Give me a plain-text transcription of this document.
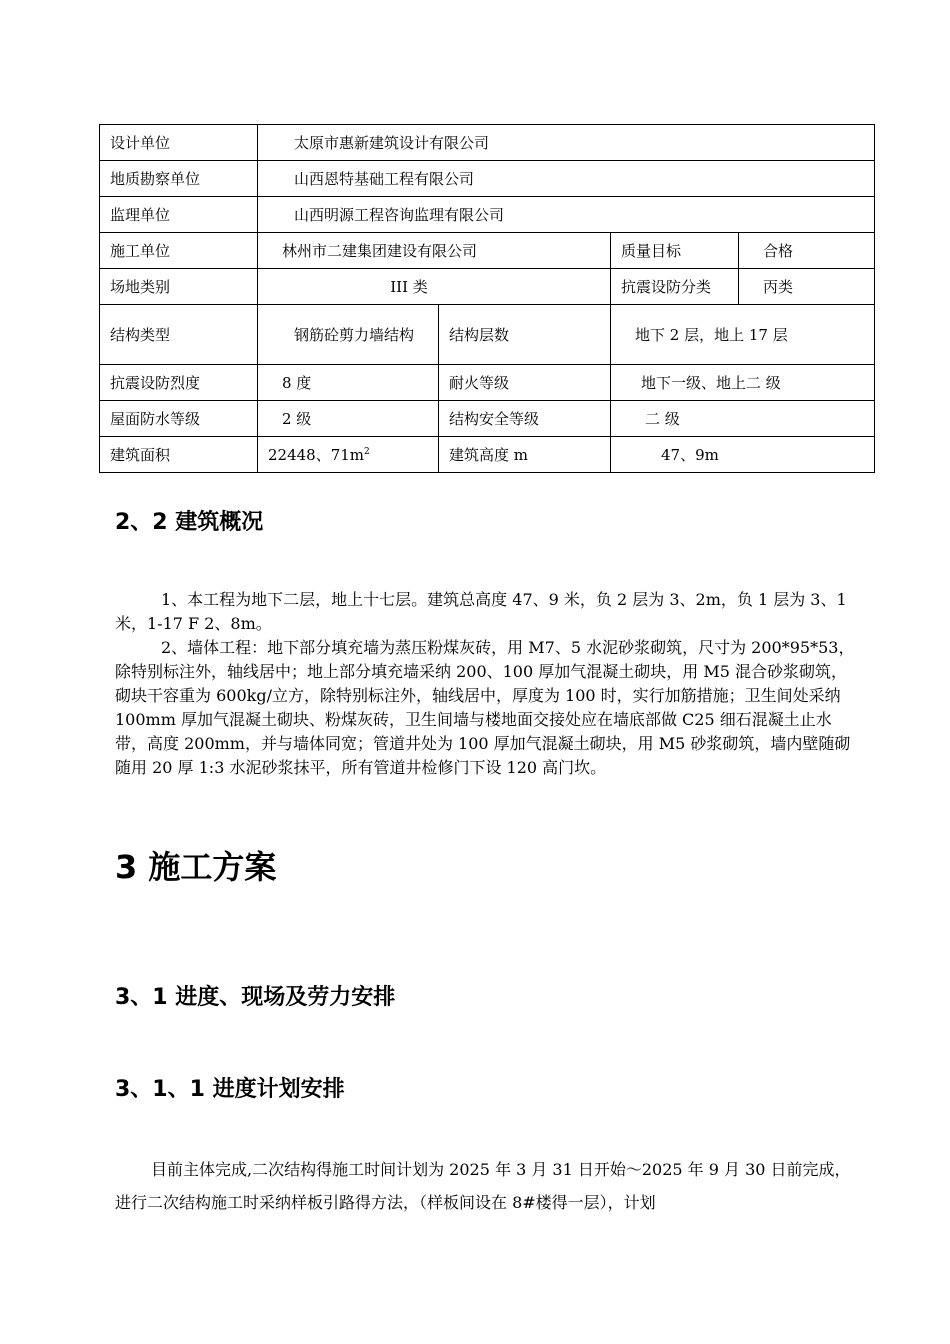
设计单位	太原市惠新建筑设计有限公司			
地质勘察单位	山西恩特基础工程有限公司			
监理单位	山西明源工程咨询监理有限公司			
施工单位	林州市二建集团建设有限公司		质量目标	合格
场地类别	III 类		抗震设防分类	丙类
结构类型	钢筋砼剪力墙结构	结构层数	地下 2 层，地上 17 层	
抗震设防烈度	8 度	耐火等级	地下一级、地上二 级	
屋面防水等级	2 级	结构安全等级	二 级	
建筑面积	22448、$71m^2$	建筑高度 m	47、9m	
2、2 建筑概况

1、本工程为地下二层，地上十七层。建筑总高度 47、9 米，负 2 层为 3、2m，负 1 层为 3、1 米，1-17 F 2、8m。

2、墙体工程：地下部分填充墙为蒸压粉煤灰砖，用 M7、5 水泥砂浆砌筑，尺寸为 200*95*53，除特别标注外，轴线居中；地上部分填充墙采纳 200、100 厚加气混凝土砌块，用 M5 混合砂浆砌筑，砌块干容重为 600kg/立方，除特别标注外，轴线居中，厚度为 100 时，实行加筋措施；卫生间处采纳 100mm 厚加气混凝土砌块、粉煤灰砖，卫生间墙与楼地面交接处应在墙底部做 C25 细石混凝土止水带，高度 200mm，并与墙体同宽；管道井处为 100 厚加气混凝土砌块，用 M5 砂浆砌筑，墙内壁随砌随用 20 厚 1:3 水泥砂浆抹平，所有管道井检修门下设 120 高门坎。

3 施工方案
3、1 进度、现场及劳力安排
3、1、1 进度计划安排

目前主体完成,二次结构得施工时间计划为 2025 年 3 月 31 日开始～2025 年 9 月 30 日前完成，进行二次结构施工时采纳样板引路得方法，（样板间设在 8#楼得一层），计划
